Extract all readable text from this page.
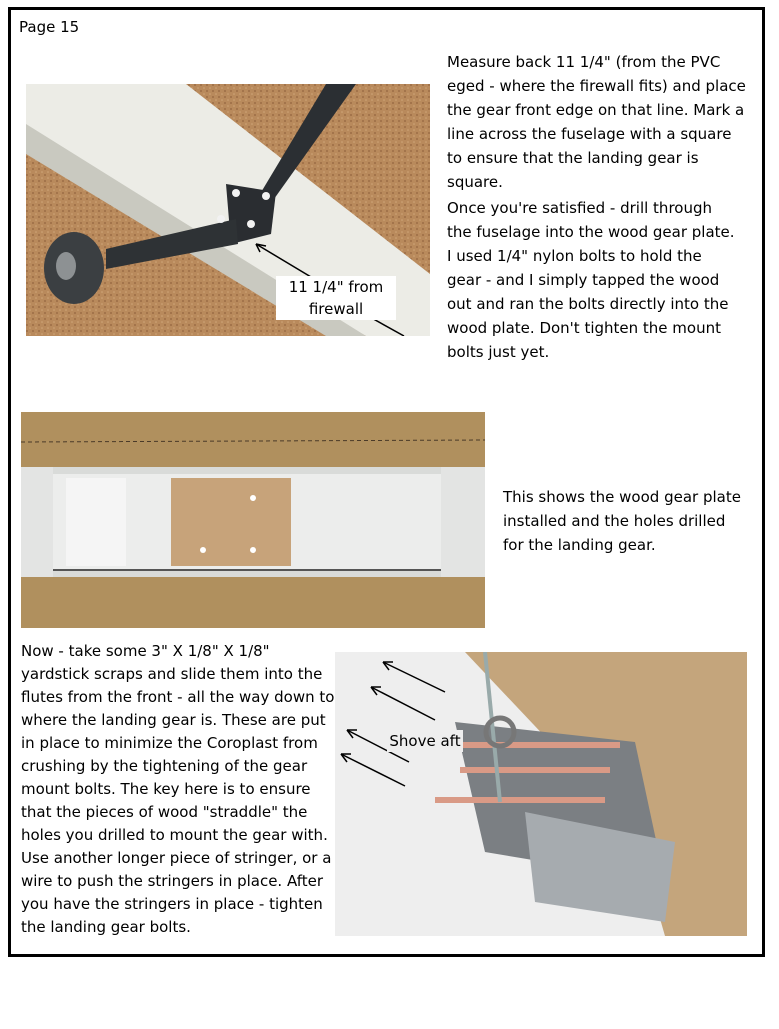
Page 15
11 1/4" from
firewall
Measure back 11 1/4" (from the PVC eged - where the firewall fits) and place the gear front edge on that line. Mark a line across the fuselage with a square to ensure that the landing gear is square.
Once you're satisfied - drill through the fuselage into the wood gear plate. I used 1/4" nylon bolts to hold the gear - and I simply tapped the wood out and ran the bolts directly into the wood plate. Don't tighten the mount bolts just yet.
This shows the wood gear plate installed and the holes drilled for the landing gear.
Now - take some 3" X 1/8" X 1/8" yardstick scraps and slide them into the flutes from the front - all the way down to where the landing gear is. These are put in place to minimize the Coroplast from crushing by the tightening of the gear mount bolts. The key here is to ensure that the pieces of wood "straddle" the holes you drilled to mount the gear with. Use another longer piece of stringer, or a wire to push the stringers in place. After you have the stringers in place - tighten the landing gear bolts.
Shove aft
